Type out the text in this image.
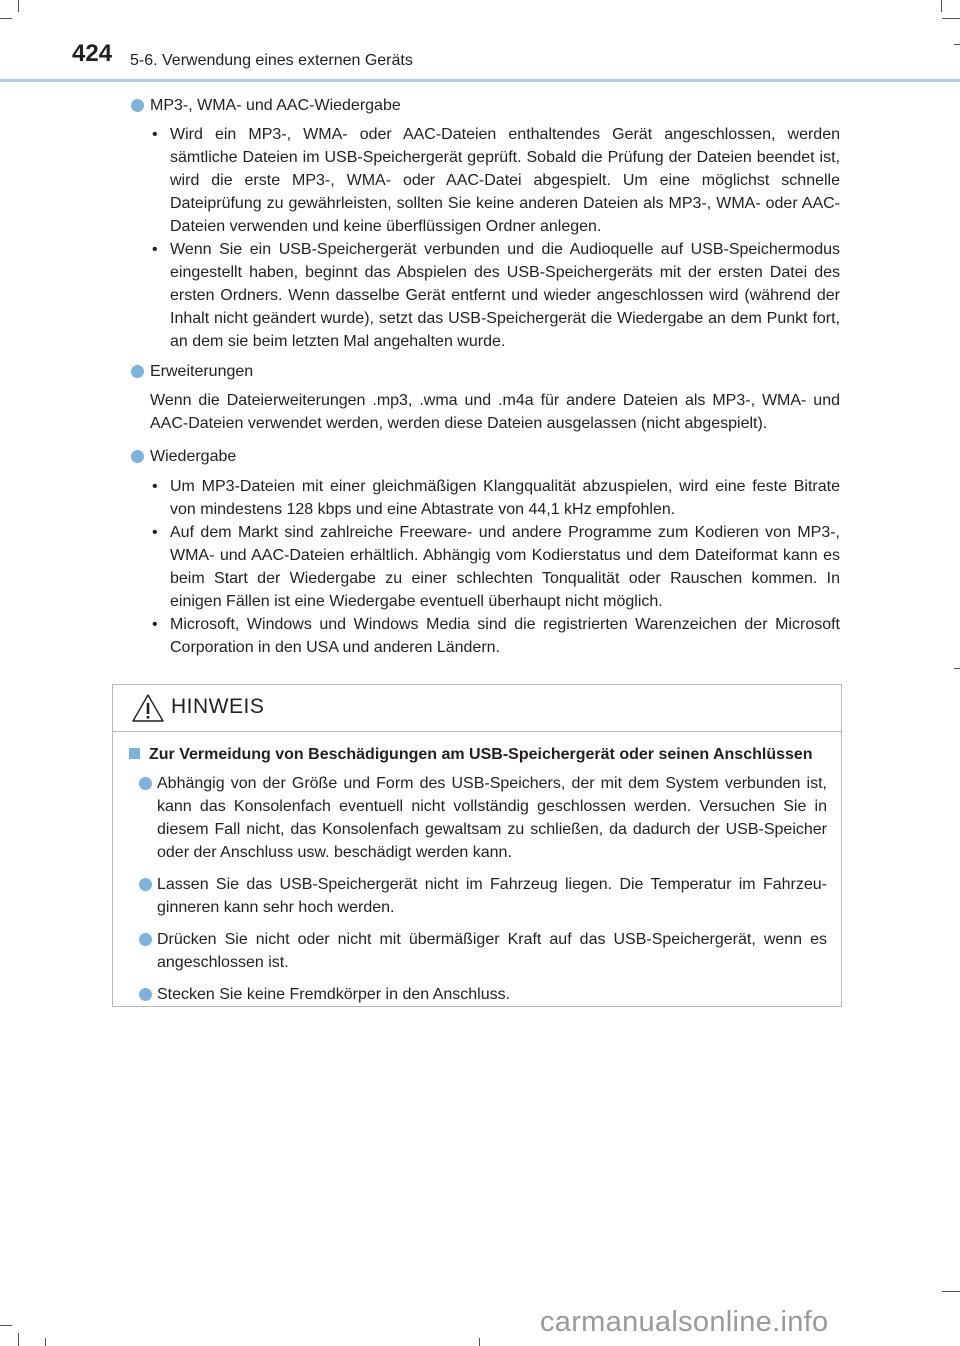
424 5-6. Verwendung eines externen Geräts
MP3-, WMA- und AAC-Wiedergabe
• Wird ein MP3-, WMA- oder AAC-Dateien enthaltendes Gerät angeschlossen, werden sämtliche Dateien im USB-Speichergerät geprüft. Sobald die Prüfung der Dateien beendet ist, wird die erste MP3-, WMA- oder AAC-Datei abgespielt. Um eine möglichst schnelle Dateiprüfung zu gewährleisten, sollten Sie keine anderen Dateien als MP3-, WMA- oder AAC-Dateien verwenden und keine überflüssigen Ordner anlegen.
• Wenn Sie ein USB-Speichergerät verbunden und die Audioquelle auf USB-Speichermodus eingestellt haben, beginnt das Abspielen des USB-Speichergeräts mit der ersten Datei des ersten Ordners. Wenn dasselbe Gerät entfernt und wieder angeschlossen wird (während der Inhalt nicht geändert wurde), setzt das USB-Speichergerät die Wiedergabe an dem Punkt fort, an dem sie beim letzten Mal angehalten wurde.
Erweiterungen
Wenn die Dateierweiterungen .mp3, .wma und .m4a für andere Dateien als MP3-, WMA- und AAC-Dateien verwendet werden, werden diese Dateien ausgelassen (nicht abgespielt).
Wiedergabe
• Um MP3-Dateien mit einer gleichmäßigen Klangqualität abzuspielen, wird eine feste Bitrate von mindestens 128 kbps und eine Abtastrate von 44,1 kHz empfohlen.
• Auf dem Markt sind zahlreiche Freeware- und andere Programme zum Kodieren von MP3-, WMA- und AAC-Dateien erhältlich. Abhängig vom Kodierstatus und dem Dateiformat kann es beim Start der Wiedergabe zu einer schlechten Tonqualität oder Rauschen kommen. In einigen Fällen ist eine Wiedergabe eventuell überhaupt nicht möglich.
• Microsoft, Windows und Windows Media sind die registrierten Warenzeichen der Microsoft Corporation in den USA und anderen Ländern.
HINWEIS
Zur Vermeidung von Beschädigungen am USB-Speichergerät oder seinen Anschlüssen
Abhängig von der Größe und Form des USB-Speichers, der mit dem System verbunden ist, kann das Konsolenfach eventuell nicht vollständig geschlossen werden. Versuchen Sie in diesem Fall nicht, das Konsolenfach gewaltsam zu schließen, da dadurch der USB-Speicher oder der Anschluss usw. beschädigt werden kann.
Lassen Sie das USB-Speichergerät nicht im Fahrzeug liegen. Die Temperatur im Fahrzeuginneren kann sehr hoch werden.
Drücken Sie nicht oder nicht mit übermäßiger Kraft auf das USB-Speichergerät, wenn es angeschlossen ist.
Stecken Sie keine Fremdkörper in den Anschluss.
carmanualsonline.info
